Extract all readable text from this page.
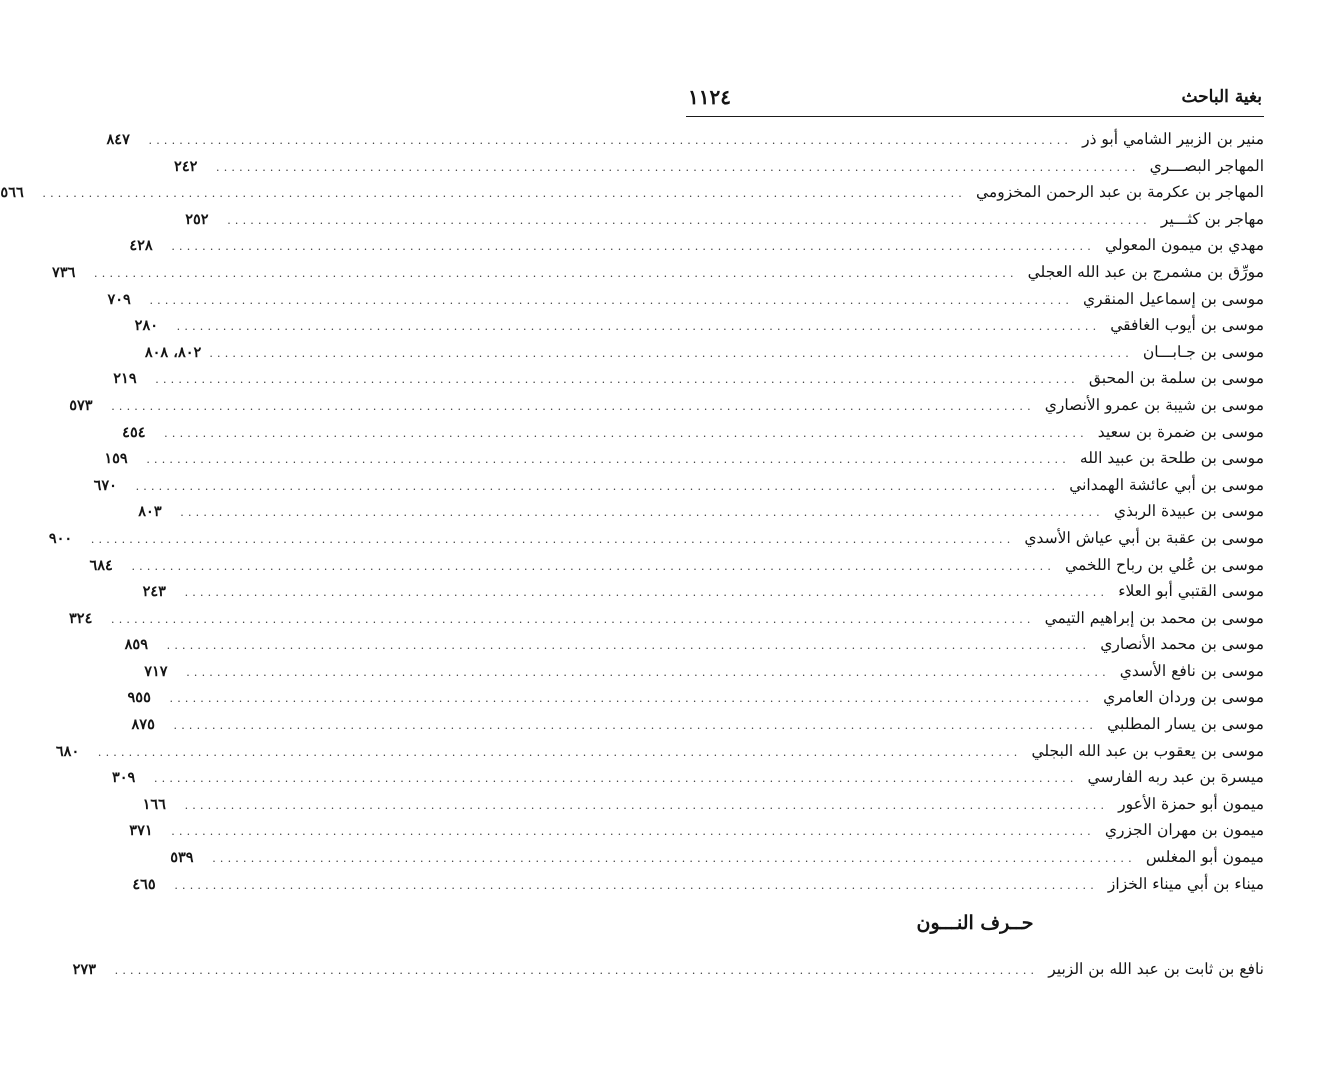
بغية الباحث
١١٢٤
منير بن الزبير الشامي أبو ذر
........................................................................................................................
٨٤٧
المهاجر البصـــري
........................................................................................................................
٢٤٢
المهاجر بن عكرمة بن عبد الرحمن المخزومي
........................................................................................................................
٥٦٦
مهاجر بن كثـــير
........................................................................................................................
٢٥٢
مهدي بن ميمون المعولي
........................................................................................................................
٤٢٨
مورِّق بن مشمرج بن عبد الله العجلي
........................................................................................................................
٧٣٦
موسى بن إسماعيل المنقري
........................................................................................................................
٧٠٩
موسى بن أيوب الغافقي
........................................................................................................................
٢٨٠
موسى بن جـابـــان
........................................................................................................................
٨٠٢، ٨٠٨
موسى بن سلمة بن المحبق
........................................................................................................................
٢١٩
موسى بن شيبة بن عمرو الأنصاري
........................................................................................................................
٥٧٣
موسى بن ضمرة بن سعيد
........................................................................................................................
٤٥٤
موسى بن طلحة بن عبيد الله
........................................................................................................................
١٥٩
موسى بن أبي عائشة الهمداني
........................................................................................................................
٦٧٠
موسى بن عبيدة الربذي
........................................................................................................................
٨٠٣
موسى بن عقبة بن أبي عياش الأسدي
........................................................................................................................
٩٠٠
موسى بن عُلي بن رباح اللخمي
........................................................................................................................
٦٨٤
موسى القتبي أبو العلاء
........................................................................................................................
٢٤٣
موسى بن محمد بن إبراهيم التيمي
........................................................................................................................
٣٢٤
موسى بن محمد الأنصاري
........................................................................................................................
٨٥٩
موسى بن نافع الأسدي
........................................................................................................................
٧١٧
موسى بن وردان العامري
........................................................................................................................
٩٥٥
موسى بن يسار المطلبي
........................................................................................................................
٨٧٥
موسى بن يعقوب بن عبد الله البجلي
........................................................................................................................
٦٨٠
ميسرة بن عبد ربه الفارسي
........................................................................................................................
٣٠٩
ميمون أبو حمزة الأعور
........................................................................................................................
١٦٦
ميمون بن مهران الجزري
........................................................................................................................
٣٧١
ميمون أبو المغلس
........................................................................................................................
٥٣٩
ميناء بن أبي ميناء الخزاز
........................................................................................................................
٤٦٥
حــرف النـــون
نافع بن ثابت بن عبد الله بن الزبير
........................................................................................................................
٢٧٣
